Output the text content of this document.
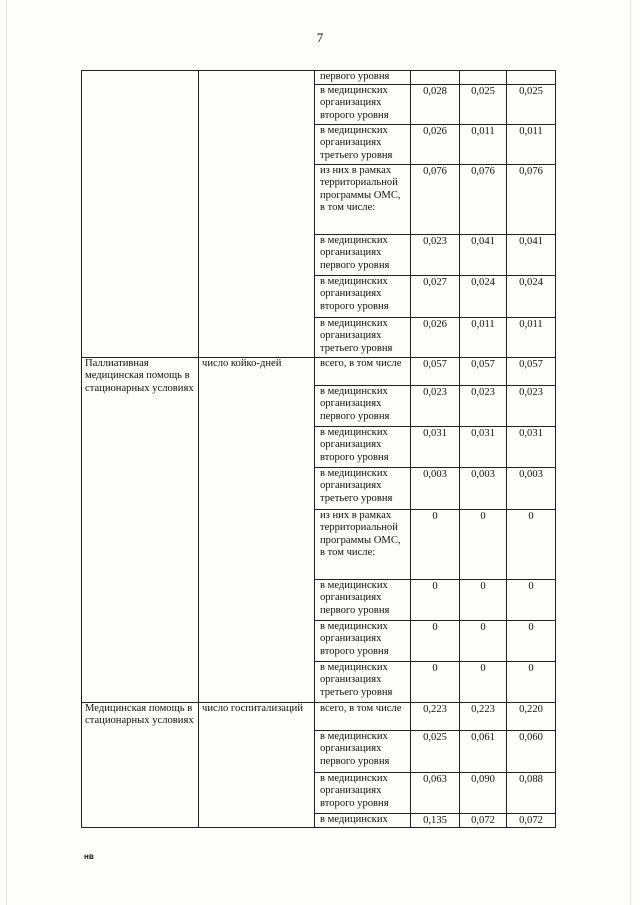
7
		первого уровня			
		в медицинских организациях второго уровня	0,028	0,025	0,025
		в медицинских организациях третьего уровня	0,026	0,011	0,011
		из них в рамках территориальной программы ОМС, в том числе:	0,076	0,076	0,076
		в медицинских организациях первого уровня	0,023	0,041	0,041
		в медицинских организациях второго уровня	0,027	0,024	0,024
		в медицинских организациях третьего уровня	0,026	0,011	0,011
Паллиативная медицинская помощь в стационарных условиях	число койко-дней	всего, в том числе	0,057	0,057	0,057
		в медицинских организациях первого уровня	0,023	0,023	0,023
		в медицинских организациях второго уровня	0,031	0,031	0,031
		в медицинских организациях третьего уровня	0,003	0,003	0,003
		из них в рамках территориальной программы ОМС, в том числе:	0	0	0
		в медицинских организациях первого уровня	0	0	0
		в медицинских организациях второго уровня	0	0	0
		в медицинских организациях третьего уровня	0	0	0
Медицинская помощь в стационарных условиях	число госпитализаций	всего, в том числе	0,223	0,223	0,220
		в медицинских организациях первого уровня	0,025	0,061	0,060
		в медицинских организациях второго уровня	0,063	0,090	0,088
		в медицинских	0,135	0,072	0,072
нв
